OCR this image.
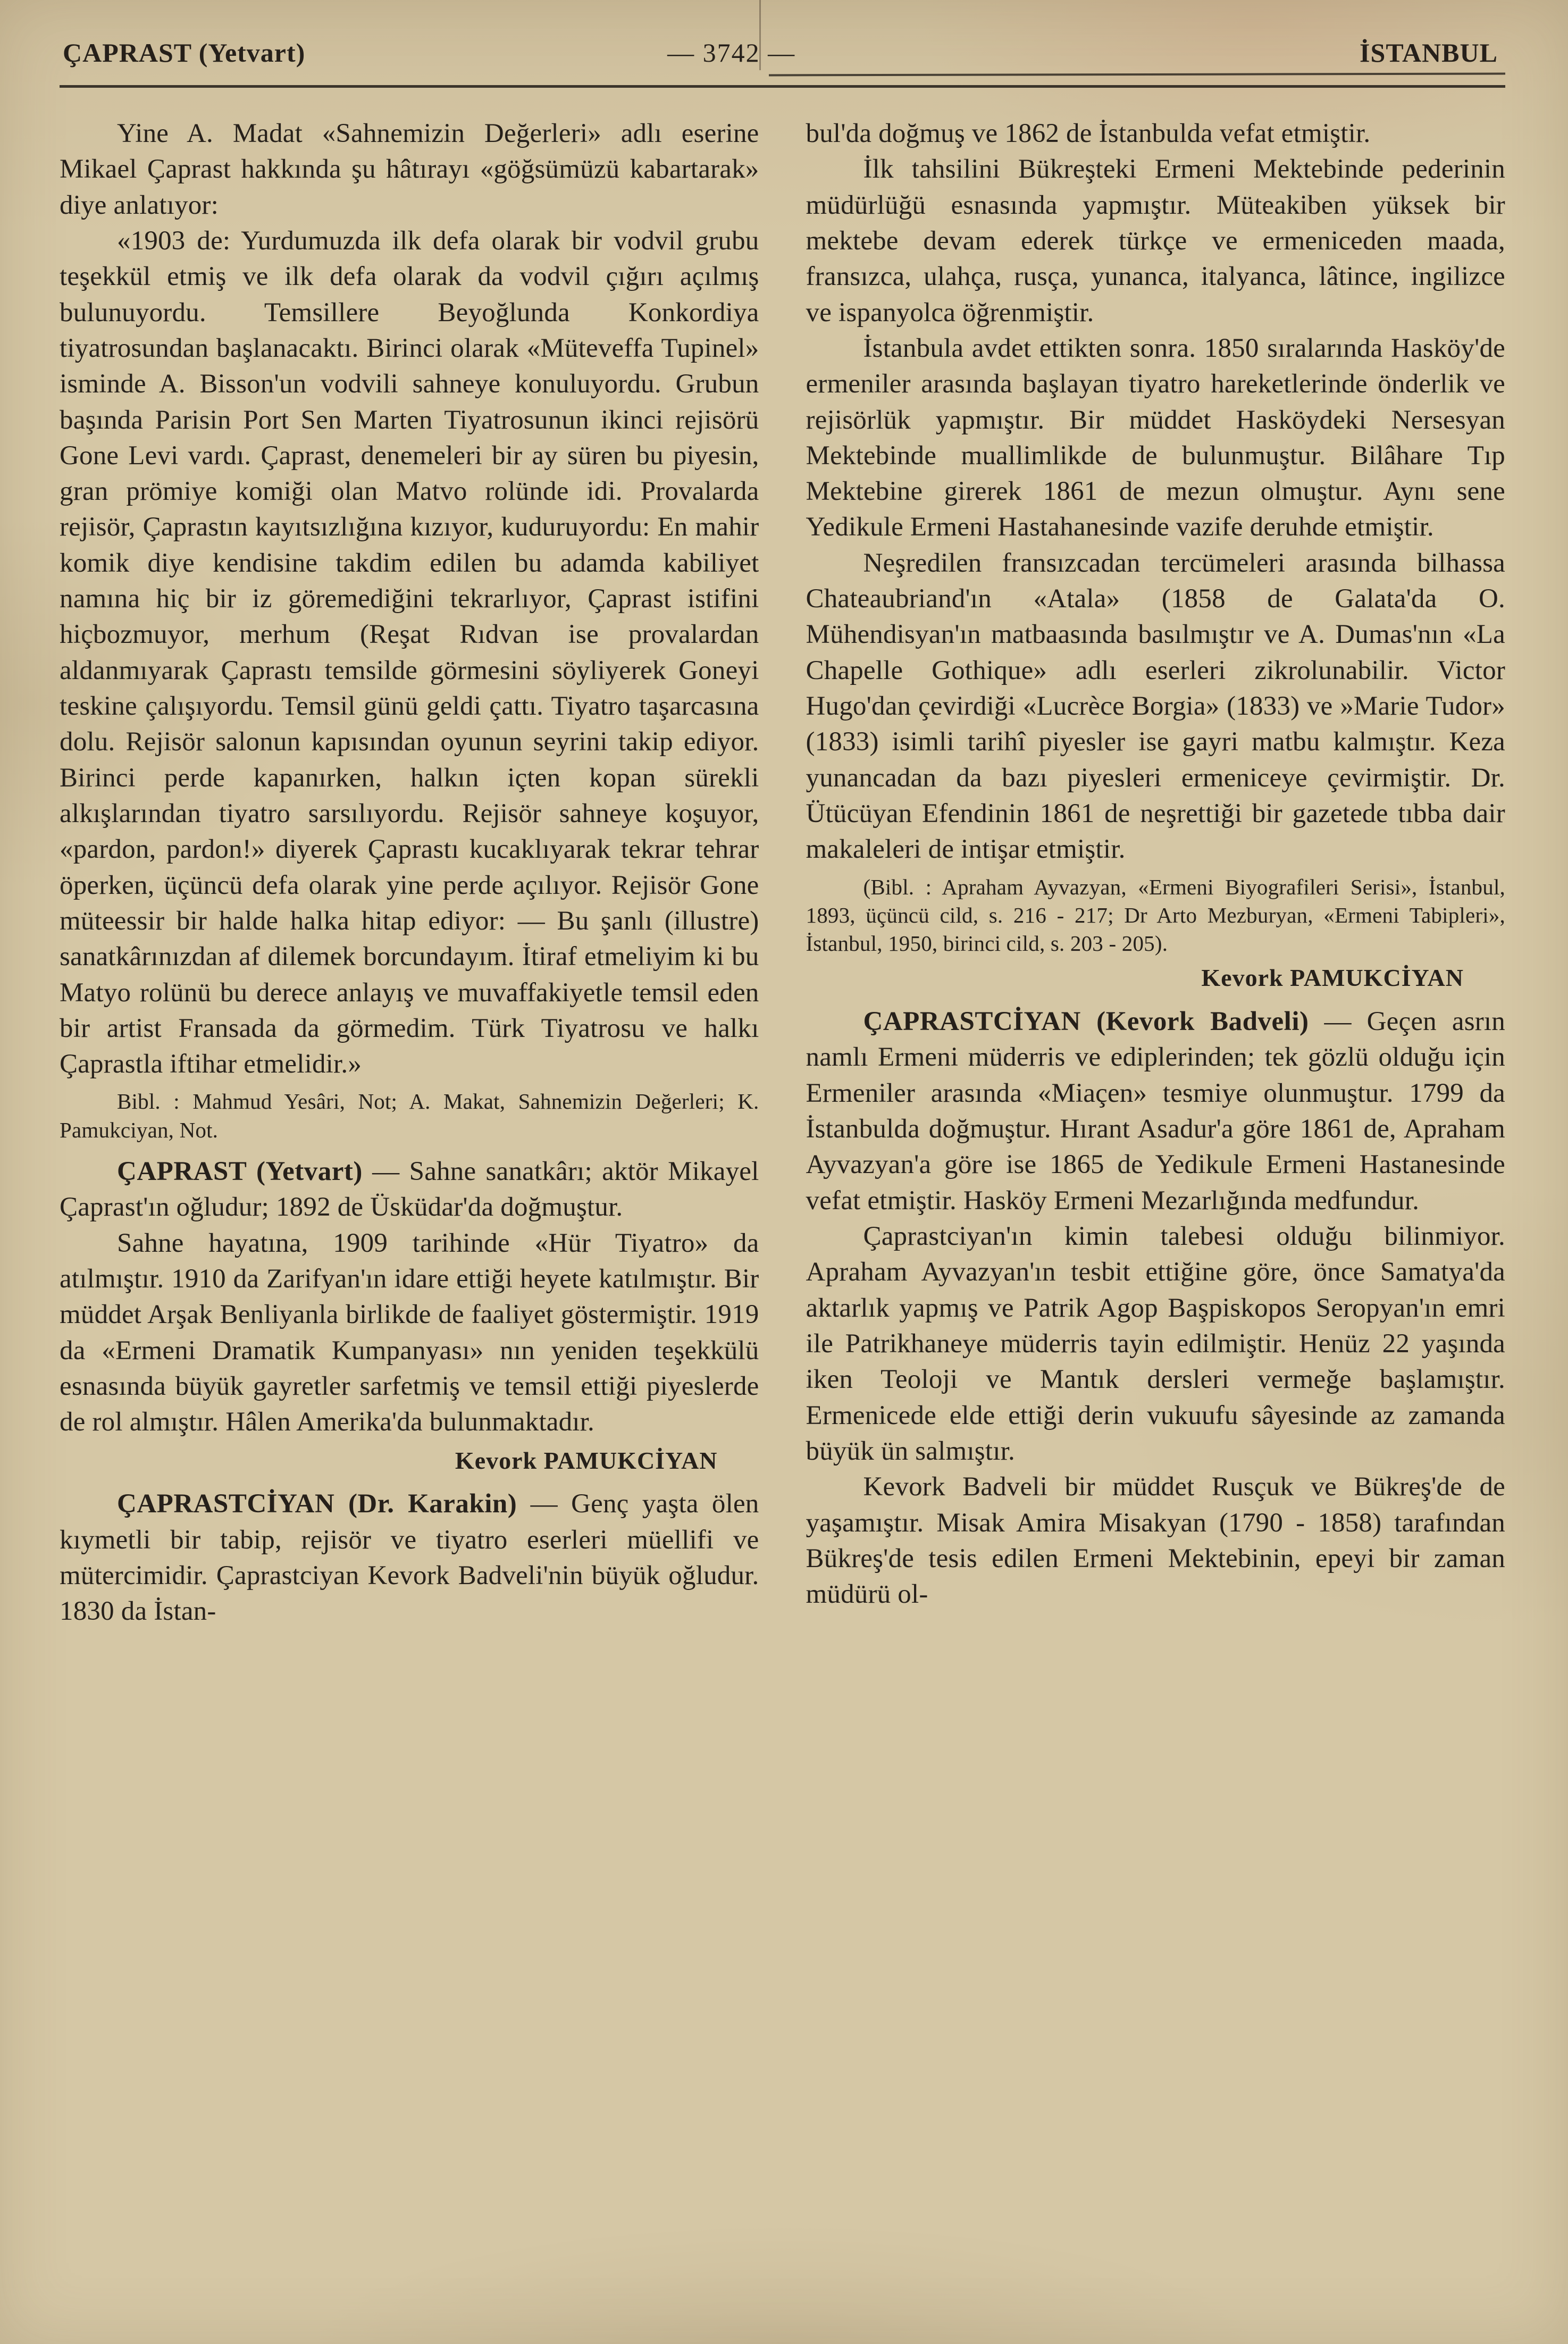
ÇAPRAST (Yetvart)	— 3742 —	İSTANBUL

Yine A. Madat «Sahnemizin Değerleri» adlı eserine Mikael Çaprast hakkında şu hâtırayı «göğsümüzü kabartarak» diye anlatıyor:

«1903 de: Yurdumuzda ilk defa olarak bir vodvil grubu teşekkül etmiş ve ilk defa olarak da vodvil çığırı açılmış bulunuyordu. Temsillere Beyoğlunda Konkordiya tiyatrosundan başlanacaktı. Birinci olarak «Müteveffa Tupinel» isminde A. Bisson'un vodvili sahneye konuluyordu. Grubun başında Parisin Port Sen Marten Tiyatrosunun ikinci rejisörü Gone Levi vardı. Çaprast, denemeleri bir ay süren bu piyesin, gran prömiye komiği olan Matvo rolünde idi. Provalarda rejisör, Çaprastın kayıtsızlığına kızıyor, kuduruyordu: En mahir komik diye kendisine takdim edilen bu adamda kabiliyet namına hiç bir iz göremediğini tekrarlıyor, Çaprast istifini hiçbozmuyor, merhum (Reşat Rıdvan ise provalardan aldanmıyarak Çaprastı temsilde görmesini söyliyerek Goneyi teskine çalışıyordu. Temsil günü geldi çattı. Tiyatro taşarcasına dolu. Rejisör salonun kapısından oyunun seyrini takip ediyor. Birinci perde kapanırken, halkın içten kopan sürekli alkışlarından tiyatro sarsılıyordu. Rejisör sahneye koşuyor, «pardon, pardon!» diyerek Çaprastı kucaklıyarak tekrar tehrar öperken, üçüncü defa olarak yine perde açılıyor. Rejisör Gone müteessir bir halde halka hitap ediyor: — Bu şanlı (illustre) sanatkârınızdan af dilemek borcundayım. İtiraf etmeliyim ki bu Matyo rolünü bu derece anlayış ve muvaffakiyetle temsil eden bir artist Fransada da görmedim. Türk Tiyatrosu ve halkı Çaprastla iftihar etmelidir.»

Bibl. : Mahmud Yesâri, Not; A. Makat, Sahnemizin Değerleri; K. Pamukciyan, Not.

ÇAPRAST (Yetvart) — Sahne sanatkârı; aktör Mikayel Çaprast'ın oğludur; 1892 de Üsküdar'da doğmuştur.

Sahne hayatına, 1909 tarihinde «Hür Tiyatro» da atılmıştır. 1910 da Zarifyan'ın idare ettiği heyete katılmıştır. Bir müddet Arşak Benliyanla birlikde de faaliyet göstermiştir. 1919 da «Ermeni Dramatik Kumpanyası» nın yeniden teşekkülü esnasında büyük gayretler sarfetmiş ve temsil ettiği piyeslerde de rol almıştır. Hâlen Amerika'da bulunmaktadır.

Kevork PAMUKCİYAN

ÇAPRASTCİYAN (Dr. Karakin) — Genç yaşta ölen kıymetli bir tabip, rejisör ve tiyatro eserleri müellifi ve mütercimidir. Çaprastciyan Kevork Badveli'nin büyük oğludur. 1830 da İstan-

bul'da doğmuş ve 1862 de İstanbulda vefat etmiştir.

İlk tahsilini Bükreşteki Ermeni Mektebinde pederinin müdürlüğü esnasında yapmıştır. Müteakiben yüksek bir mektebe devam ederek türkçe ve ermeniceden maada, fransızca, ulahça, rusça, yunanca, italyanca, lâtince, ingilizce ve ispanyolca öğrenmiştir.

İstanbula avdet ettikten sonra. 1850 sıralarında Hasköy'de ermeniler arasında başlayan tiyatro hareketlerinde önderlik ve rejisörlük yapmıştır. Bir müddet Hasköydeki Nersesyan Mektebinde muallimlikde de bulunmuştur. Bilâhare Tıp Mektebine girerek 1861 de mezun olmuştur. Aynı sene Yedikule Ermeni Hastahanesinde vazife deruhde etmiştir.

Neşredilen fransızcadan tercümeleri arasında bilhassa Chateaubriand'ın «Atala» (1858 de Galata'da O. Mühendisyan'ın matbaasında basılmıştır ve A. Dumas'nın «La Chapelle Gothique» adlı eserleri zikrolunabilir. Victor Hugo'dan çevirdiği «Lucrèce Borgia» (1833) ve »Marie Tudor» (1833) isimli tarihî piyesler ise gayri matbu kalmıştır. Keza yunancadan da bazı piyesleri ermeniceye çevirmiştir. Dr. Ütücüyan Efendinin 1861 de neşrettiği bir gazetede tıbba dair makaleleri de intişar etmiştir.

(Bibl. : Apraham Ayvazyan, «Ermeni Biyografileri Serisi», İstanbul, 1893, üçüncü cild, s. 216 - 217; Dr Arto Mezburyan, «Ermeni Tabipleri», İstanbul, 1950, birinci cild, s. 203 - 205).

Kevork PAMUKCİYAN

ÇAPRASTCİYAN (Kevork Badveli) — Geçen asrın namlı Ermeni müderris ve ediplerinden; tek gözlü olduğu için Ermeniler arasında «Miaçen» tesmiye olunmuştur. 1799 da İstanbulda doğmuştur. Hırant Asadur'a göre 1861 de, Apraham Ayvazyan'a göre ise 1865 de Yedikule Ermeni Hastanesinde vefat etmiştir. Hasköy Ermeni Mezarlığında medfundur.

Çaprastciyan'ın kimin talebesi olduğu bilinmiyor. Apraham Ayvazyan'ın tesbit ettiğine göre, önce Samatya'da aktarlık yapmış ve Patrik Agop Başpiskopos Seropyan'ın emri ile Patrikhaneye müderris tayin edilmiştir. Henüz 22 yaşında iken Teoloji ve Mantık dersleri vermeğe başlamıştır. Ermenicede elde ettiği derin vukuufu sâyesinde az zamanda büyük ün salmıştır.

Kevork Badveli bir müddet Rusçuk ve Bükreş'de de yaşamıştır. Misak Amira Misakyan (1790 - 1858) tarafından Bükreş'de tesis edilen Ermeni Mektebinin, epeyi bir zaman müdürü ol-
